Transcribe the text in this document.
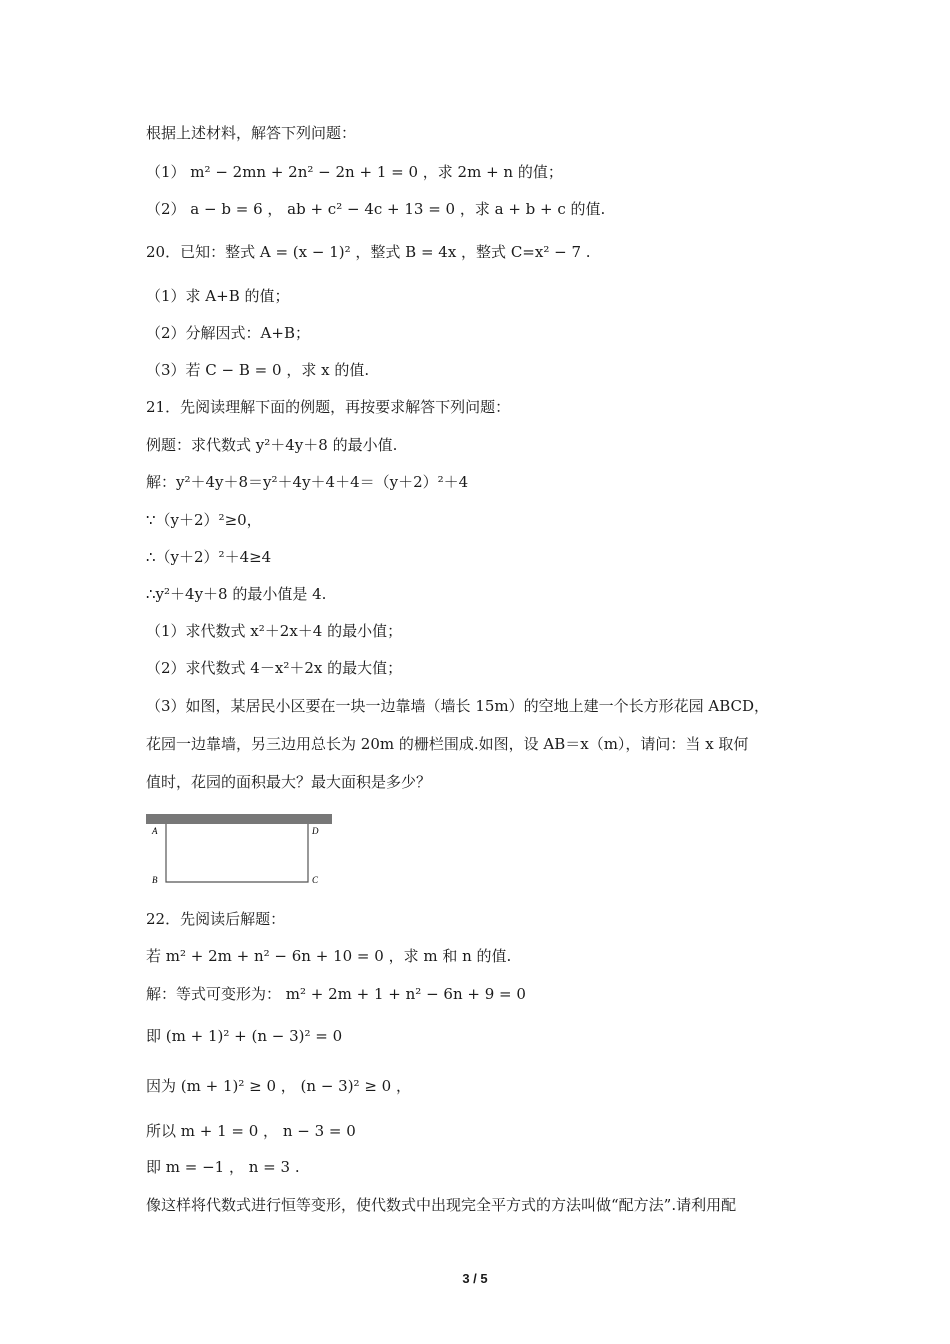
根据上述材料，解答下列问题：
（1） m² − 2mn + 2n² − 2n + 1 = 0 ，求 2m + n 的值；
（2） a − b = 6 ， ab + c² − 4c + 13 = 0 ，求 a + b + c 的值.
20．已知：整式 A = (x − 1)² ，整式 B = 4x ，整式 C=x² − 7 .
（1）求 A+B 的值；
（2）分解因式：A+B；
（3）若 C − B = 0 ，求 x 的值.
21．先阅读理解下面的例题，再按要求解答下列问题：
例题：求代数式 y²＋4y＋8 的最小值.
解：y²＋4y＋8＝y²＋4y＋4＋4＝（y＋2）²＋4
∵（y＋2）²≥0，
∴（y＋2）²＋4≥4
∴y²＋4y＋8 的最小值是 4.
（1）求代数式 x²＋2x＋4 的最小值；
（2）求代数式 4－x²＋2x 的最大值；
（3）如图，某居民小区要在一块一边靠墙（墙长 15m）的空地上建一个长方形花园 ABCD，
花园一边靠墙，另三边用总长为 20m 的栅栏围成.如图，设 AB＝x（m），请问：当 x 取何
值时，花园的面积最大？最大面积是多少？
A
B	C
D
22．先阅读后解题：
若 m² + 2m + n² − 6n + 10 = 0 ，求 m 和 n 的值.
解：等式可变形为： m² + 2m + 1 + n² − 6n + 9 = 0
即 (m + 1)² + (n − 3)² = 0
因为 (m + 1)² ≥ 0 ， (n − 3)² ≥ 0 ，
所以 m + 1 = 0 ， n − 3 = 0
即 m = −1 ， n = 3 .
像这样将代数式进行恒等变形，使代数式中出现完全平方式的方法叫做“配方法”.请利用配
3 / 5
